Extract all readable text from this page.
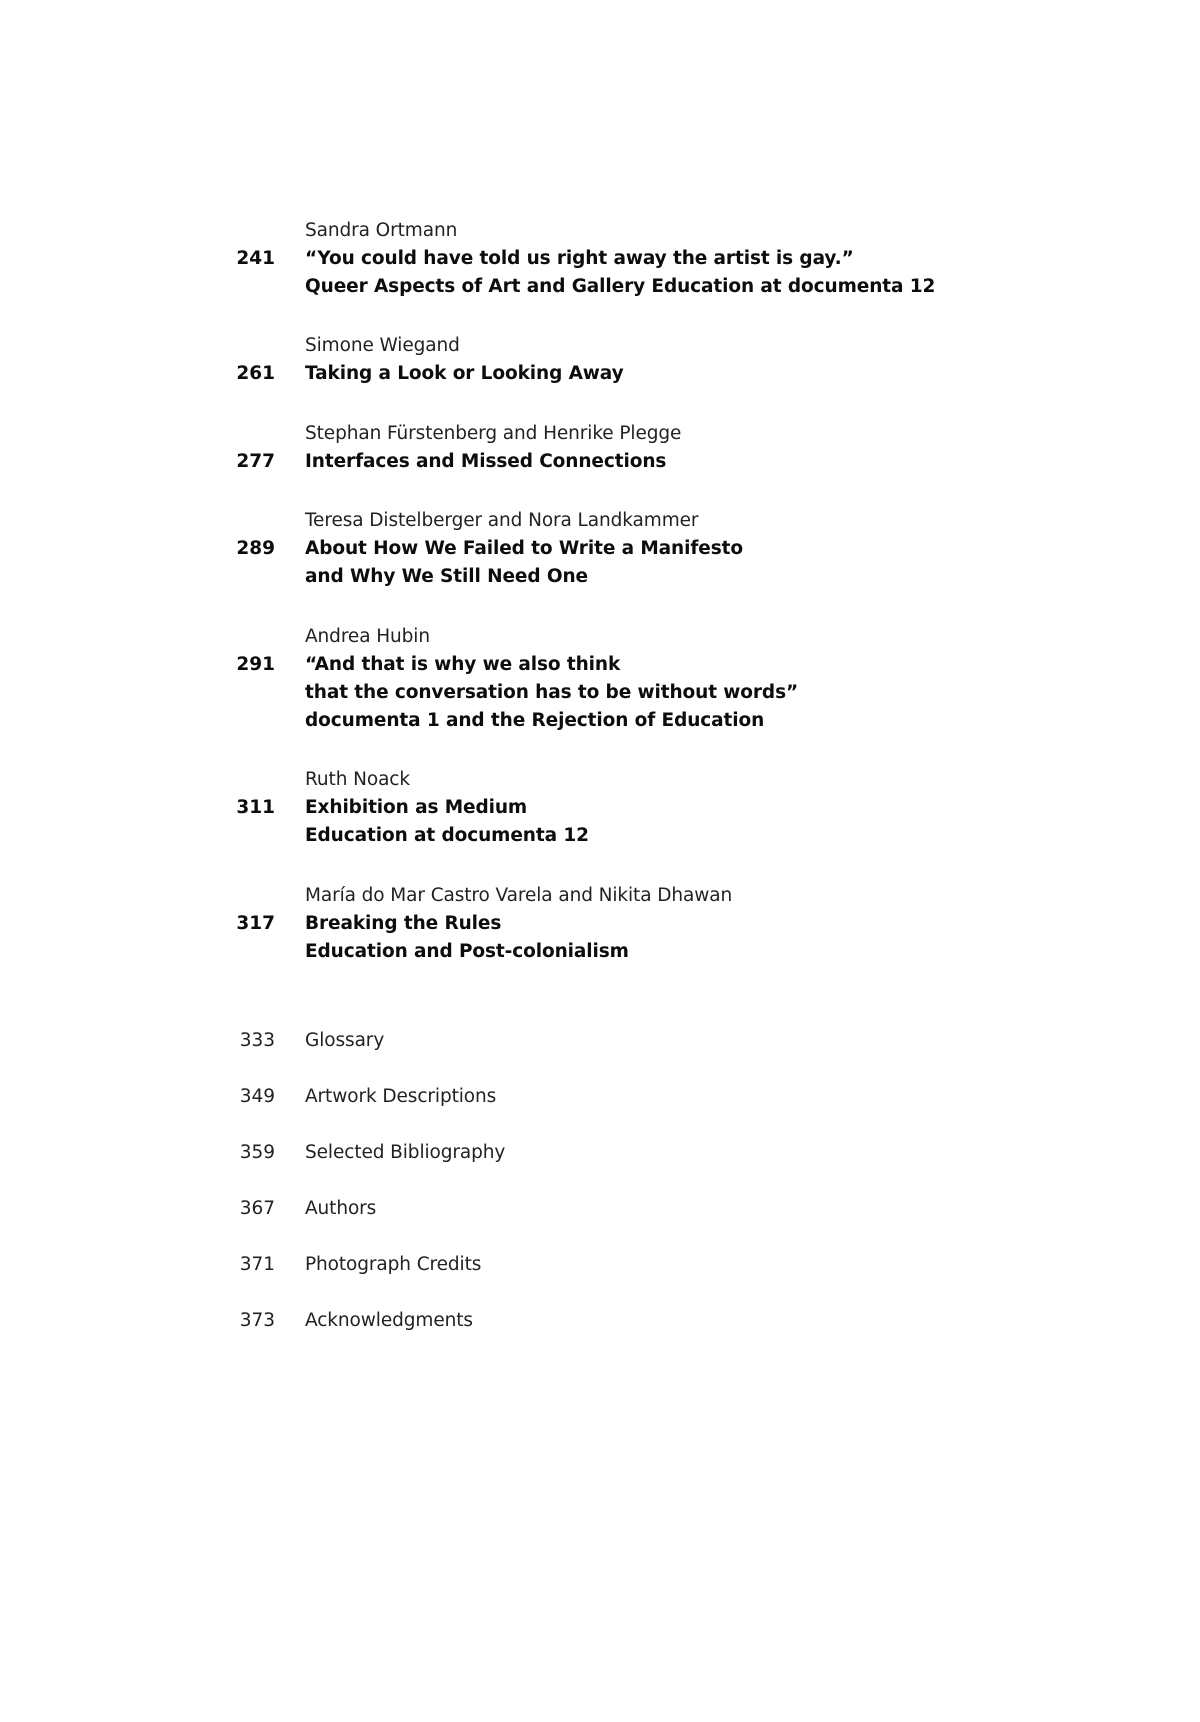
Sandra Ortmann
241 “You could have told us right away the artist is gay.”
Queer Aspects of Art and Gallery Education at documenta 12
Simone Wiegand
261 Taking a Look or Looking Away
Stephan Fürstenberg and Henrike Plegge
277 Interfaces and Missed Connections
Teresa Distelberger and Nora Landkammer
289 About How We Failed to Write a Manifesto
and Why We Still Need One
Andrea Hubin
291 “And that is why we also think
that the conversation has to be without words”
documenta 1 and the Rejection of Education
Ruth Noack
311 Exhibition as Medium
Education at documenta 12
María do Mar Castro Varela and Nikita Dhawan
317 Breaking the Rules
Education and Post-colonialism
333 Glossary
349 Artwork Descriptions
359 Selected Bibliography
367 Authors
371 Photograph Credits
373 Acknowledgments
